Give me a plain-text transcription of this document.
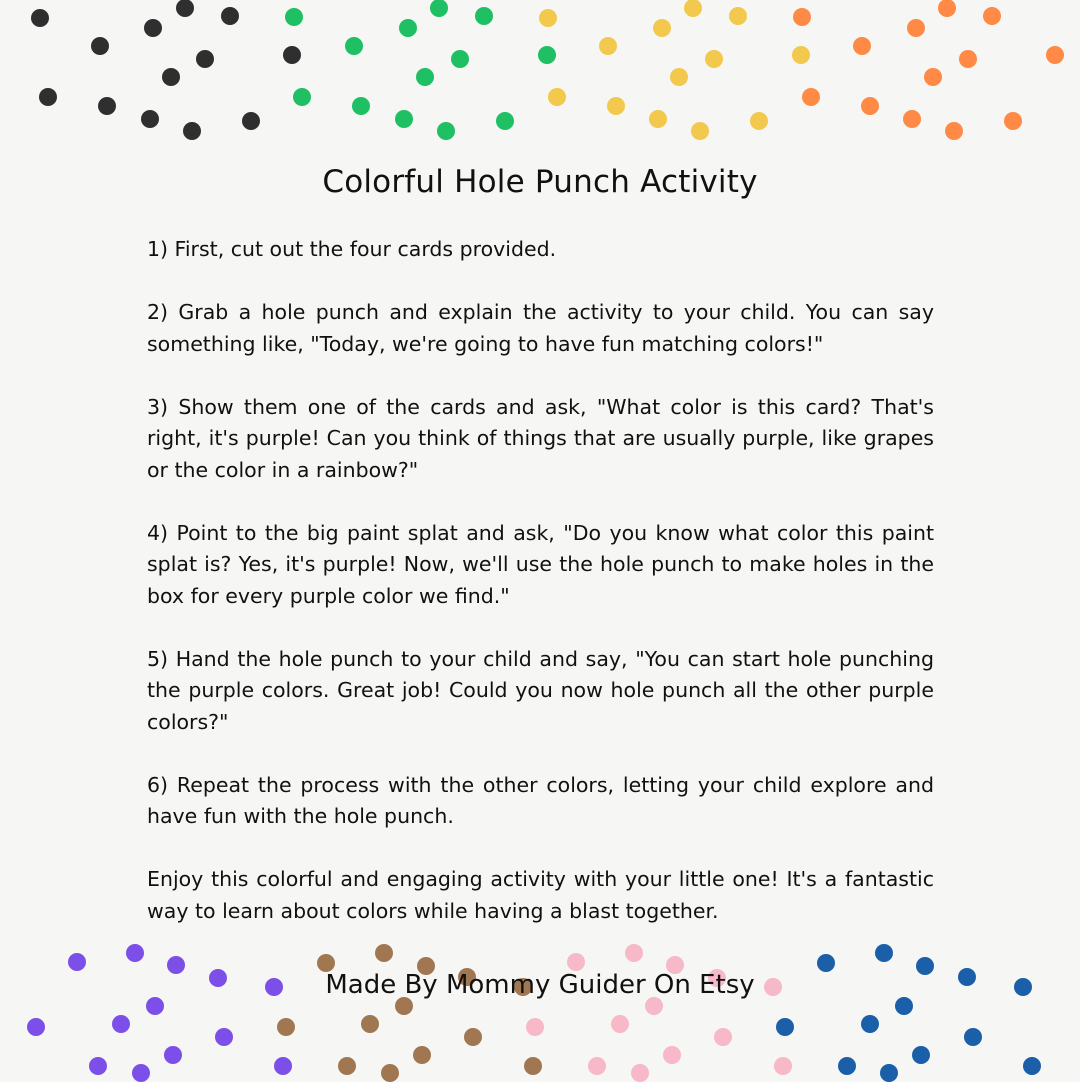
Colorful Hole Punch Activity

1) First, cut out the four cards provided.

2) Grab a hole punch and explain the activity to your child. You can say something like, "Today, we're going to have fun matching colors!"

3) Show them one of the cards and ask, "What color is this card? That's right, it's purple! Can you think of things that are usually purple, like grapes or the color in a rainbow?"

4) Point to the big paint splat and ask, "Do you know what color this paint splat is? Yes, it's purple! Now, we'll use the hole punch to make holes in the box for every purple color we find."

5) Hand the hole punch to your child and say, "You can start hole punching the purple colors. Great job! Could you now hole punch all the other purple colors?"

6) Repeat the process with the other colors, letting your child explore and have fun with the hole punch.

Enjoy this colorful and engaging activity with your little one! It's a fantastic way to learn about colors while having a blast together.

Made By Mommy Guider On Etsy
